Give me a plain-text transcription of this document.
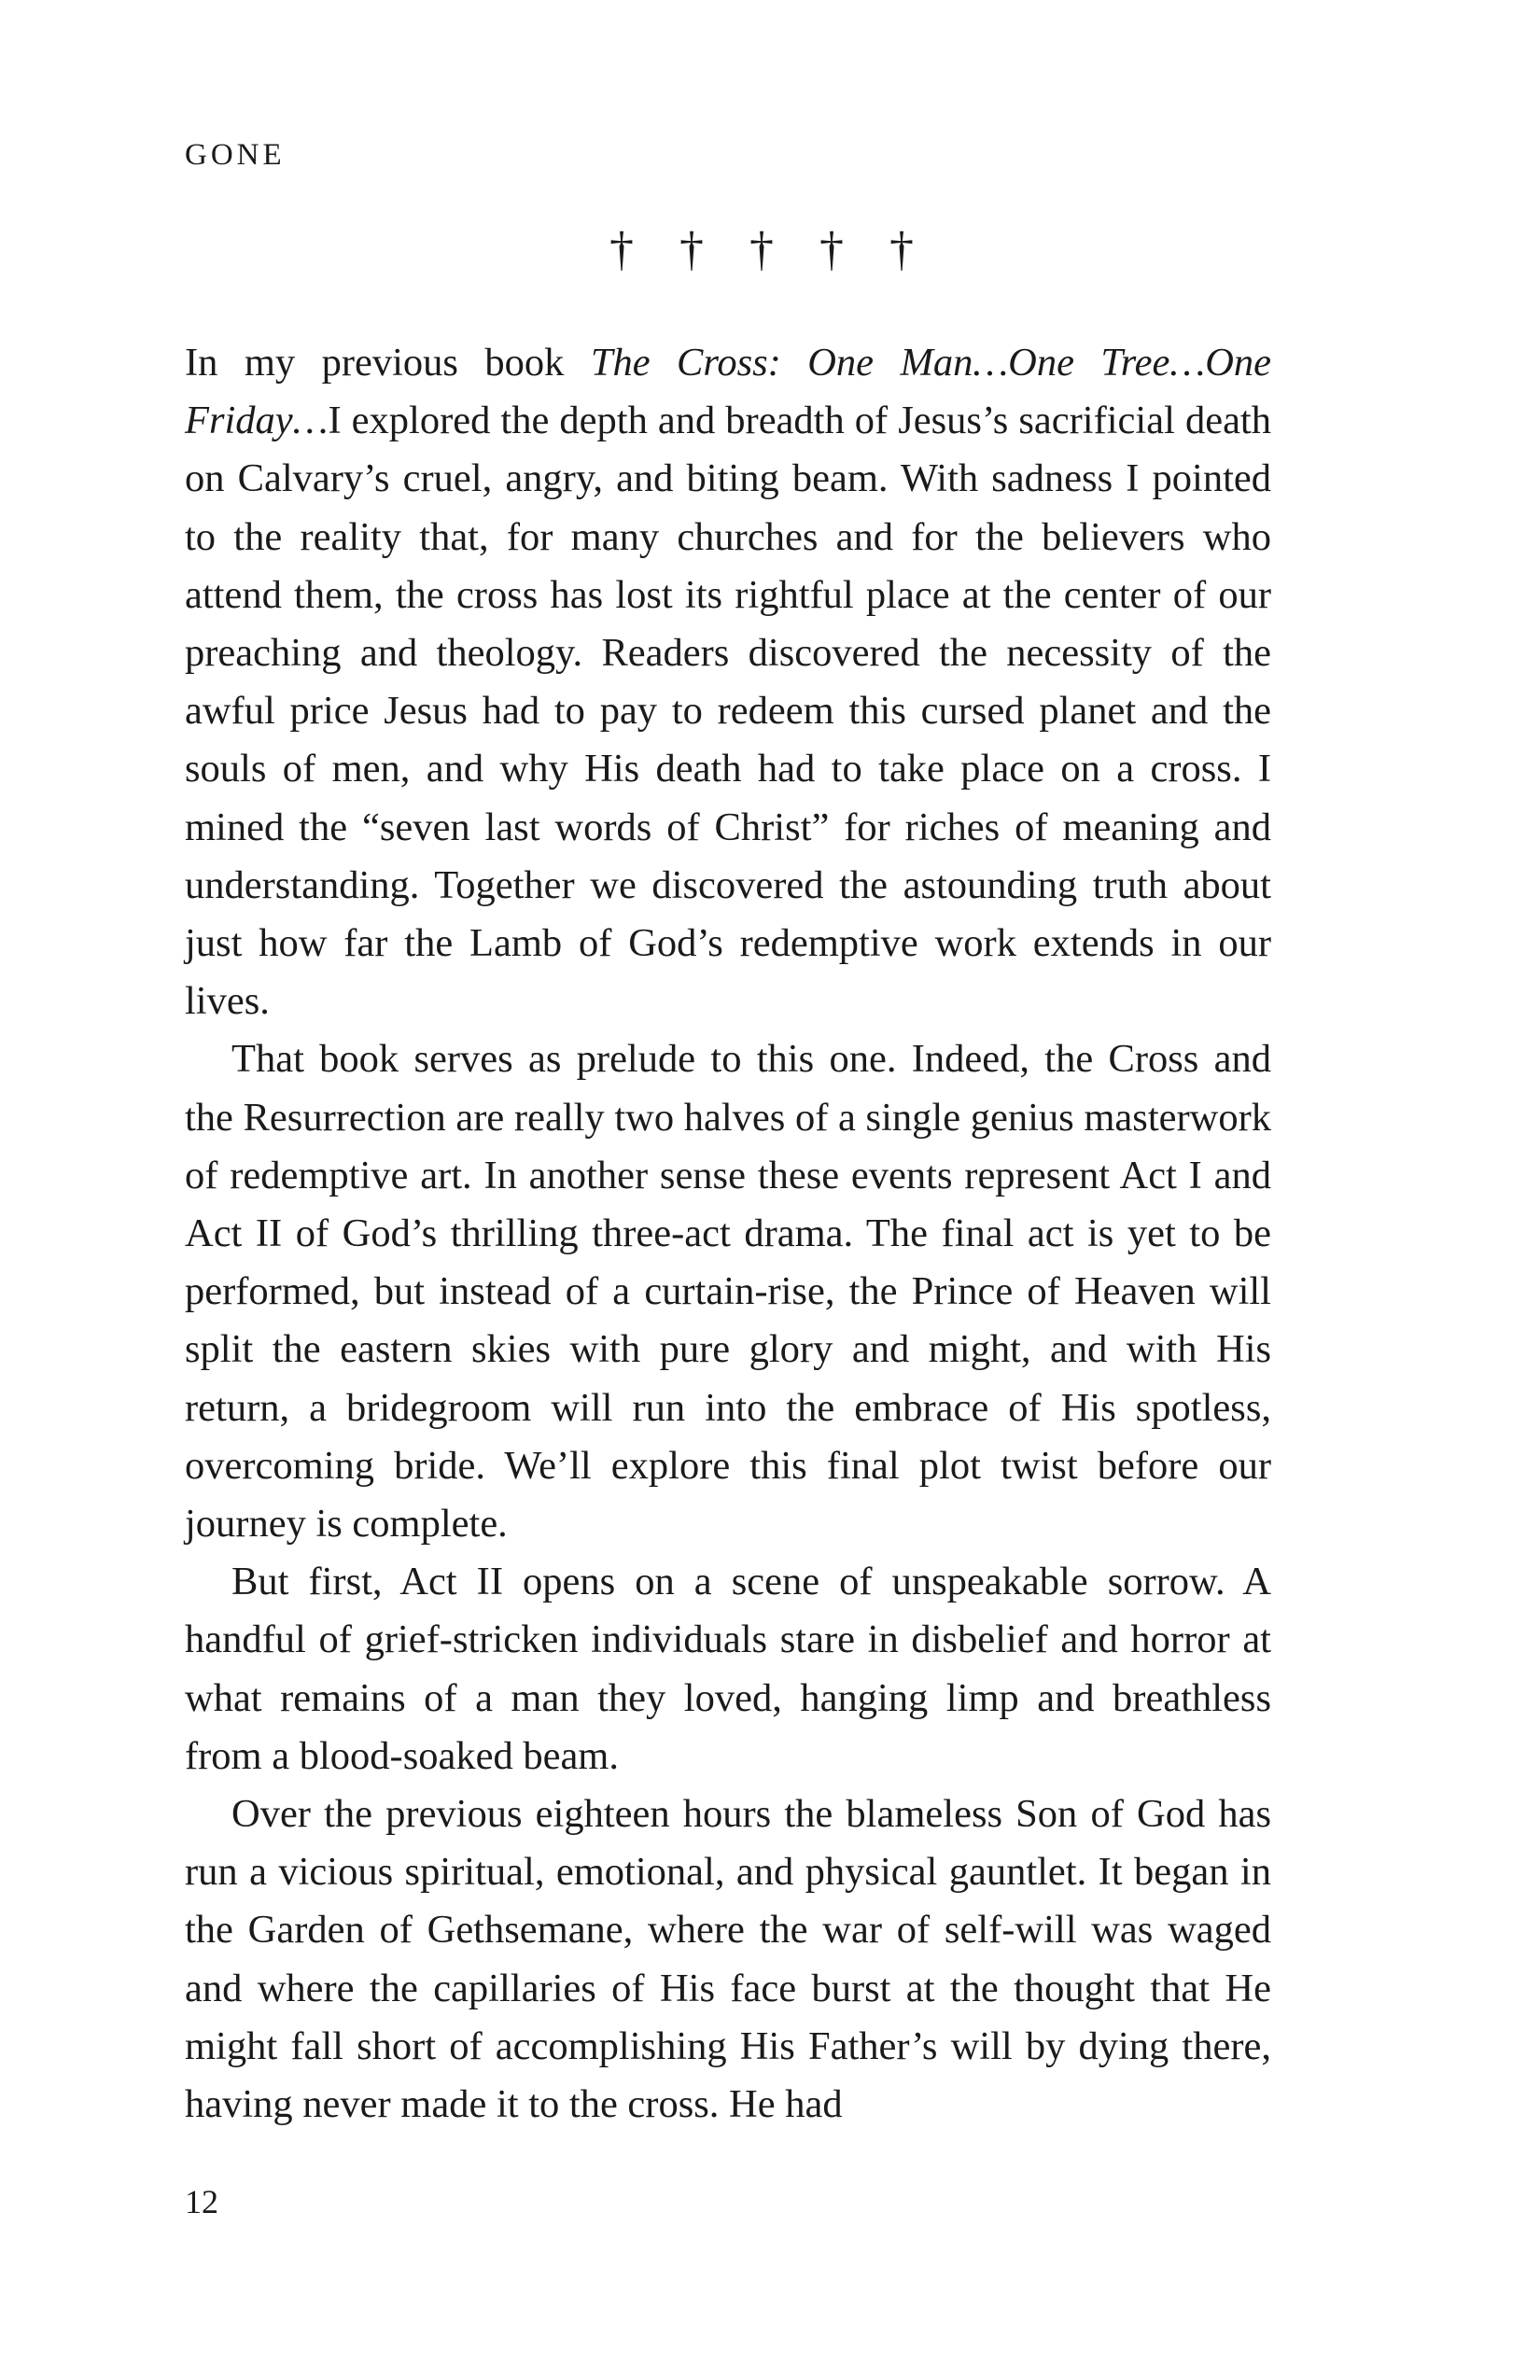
GONE
† † † † †

In my previous book The Cross: One Man…One Tree…One Friday…I explored the depth and breadth of Jesus’s sacrificial death on Calvary’s cruel, angry, and biting beam. With sadness I pointed to the reality that, for many churches and for the believers who attend them, the cross has lost its rightful place at the center of our preaching and theology. Readers discovered the necessity of the awful price Jesus had to pay to redeem this cursed planet and the souls of men, and why His death had to take place on a cross. I mined the “seven last words of Christ” for riches of meaning and understanding. Together we discovered the astounding truth about just how far the Lamb of God’s redemptive work extends in our lives.

That book serves as prelude to this one. Indeed, the Cross and the Resurrection are really two halves of a single genius masterwork of redemptive art. In another sense these events represent Act I and Act II of God’s thrilling three-act drama. The final act is yet to be performed, but instead of a curtain-rise, the Prince of Heaven will split the eastern skies with pure glory and might, and with His return, a bridegroom will run into the embrace of His spotless, overcoming bride. We’ll explore this final plot twist before our journey is complete.

But first, Act II opens on a scene of unspeakable sorrow. A handful of grief-stricken individuals stare in disbelief and horror at what remains of a man they loved, hanging limp and breathless from a blood-soaked beam.

Over the previous eighteen hours the blameless Son of God has run a vicious spiritual, emotional, and physical gauntlet. It began in the Garden of Gethsemane, where the war of self-will was waged and where the capillaries of His face burst at the thought that He might fall short of accomplishing His Father’s will by dying there, having never made it to the cross. He had

12
